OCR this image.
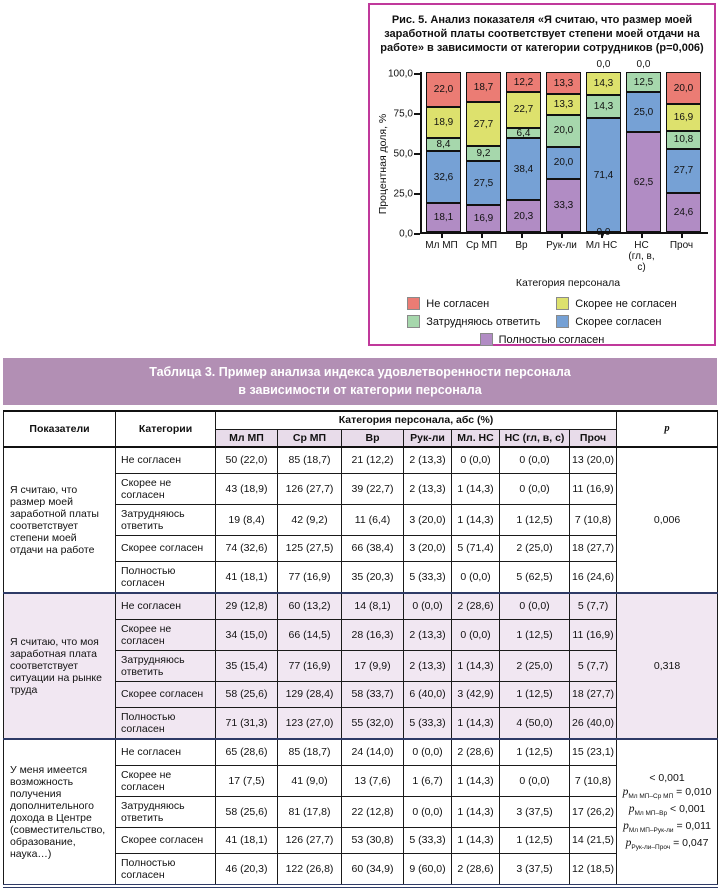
Рис. 5. Анализ показателя «Я считаю, что размер моей заработной платы соответствует степени моей отдачи на работе» в зависимости от категории сотрудников (p=0,006)
Процентная доля, %
0,0
25,0
50,0
75,0
100,0
18,1
32,6
8,4
18,9
22,0
16,9
27,5
9,2
27,7
18,7
20,3
38,4
6,4
22,7
12,2
33,3
20,0
20,0
13,3
13,3
71,4
14,3
14,3
0,0
0,0
62,5
25,0
12,5
0,0
24,6
27,7
10,8
16,9
20,0
Мл МП Ср МП	Вр	Рук-ли Мл НС	НС
(гл, в, с)
Проч
Категория персонала
Не согласен	Скорее не согласен
Затрудняюсь ответить	Скорее согласен
Полностью согласен
Таблица 3. Пример анализа индекса удовлетворенности персонала
в зависимости от категории персонала
Показатели	Категории	Категория персонала, абс (%)							p
		Мл МП	Ср МП	Вр	Рук-ли	Мл. НС	НС (гл, в, с)	Проч	
Я считаю, что размер моей заработной платы соответствует степени моей отдачи на работе	Не согласен	50 (22,0)	85 (18,7)	21 (12,2)	2 (13,3)	0 (0,0)	0 (0,0)	13 (20,0)	0,006

	Скорее не согласен	43 (18,9)	126 (27,7)	39 (22,7)	2 (13,3)	1 (14,3)	0 (0,0)	11 (16,9)	
	Затрудняюсь ответить	19 (8,4)	42 (9,2)	11 (6,4)	3 (20,0)	1 (14,3)	1 (12,5)	7 (10,8)	
	Скорее согласен	74 (32,6)	125 (27,5)	66 (38,4)	3 (20,0)	5 (71,4)	2 (25,0)	18 (27,7)	
	Полностью согласен	41 (18,1)	77 (16,9)	35 (20,3)	5 (33,3)	0 (0,0)	5 (62,5)	16 (24,6)	
Я считаю, что моя заработная плата соответствует ситуации на рынке труда	Не согласен	29 (12,8)	60 (13,2)	14 (8,1)	0 (0,0)	2 (28,6)	0 (0,0)	5 (7,7)	0,318

	Скорее не согласен	34 (15,0)	66 (14,5)	28 (16,3)	2 (13,3)	0 (0,0)	1 (12,5)	11 (16,9)	
	Затрудняюсь ответить	35 (15,4)	77 (16,9)	17 (9,9)	2 (13,3)	1 (14,3)	2 (25,0)	5 (7,7)	
	Скорее согласен	58 (25,6)	129 (28,4)	58 (33,7)	6 (40,0)	3 (42,9)	1 (12,5)	18 (27,7)	
	Полностью согласен	71 (31,3)	123 (27,0)	55 (32,0)	5 (33,3)	1 (14,3)	4 (50,0)	26 (40,0)	
У меня имеется возможность получения дополнительного дохода в Центре (совместительство, образование, наука…)	Не согласен	65 (28,6)	85 (18,7)	24 (14,0)	0 (0,0)	2 (28,6)	1 (12,5)	15 (23,1)	< 0,001
$p_{Мл МП-Ср МП} = 0,010$
$p_{Мл МП-Вр} < 0,001$
$p_{Мл МП-Рук-ли} = 0,011$
$p_{Рук-ли-Проч} = 0,047$

	Скорее не согласен	17 (7,5)	41 (9,0)	13 (7,6)	1 (6,7)	1 (14,3)	0 (0,0)	7 (10,8)	
	Затрудняюсь ответить	58 (25,6)	81 (17,8)	22 (12,8)	0 (0,0)	1 (14,3)	3 (37,5)	17 (26,2)	
	Скорее согласен	41 (18,1)	126 (27,7)	53 (30,8)	5 (33,3)	1 (14,3)	1 (12,5)	14 (21,5)	
	Полностью согласен	46 (20,3)	122 (26,8)	60 (34,9)	9 (60,0)	2 (28,6)	3 (37,5)	12 (18,5)	
